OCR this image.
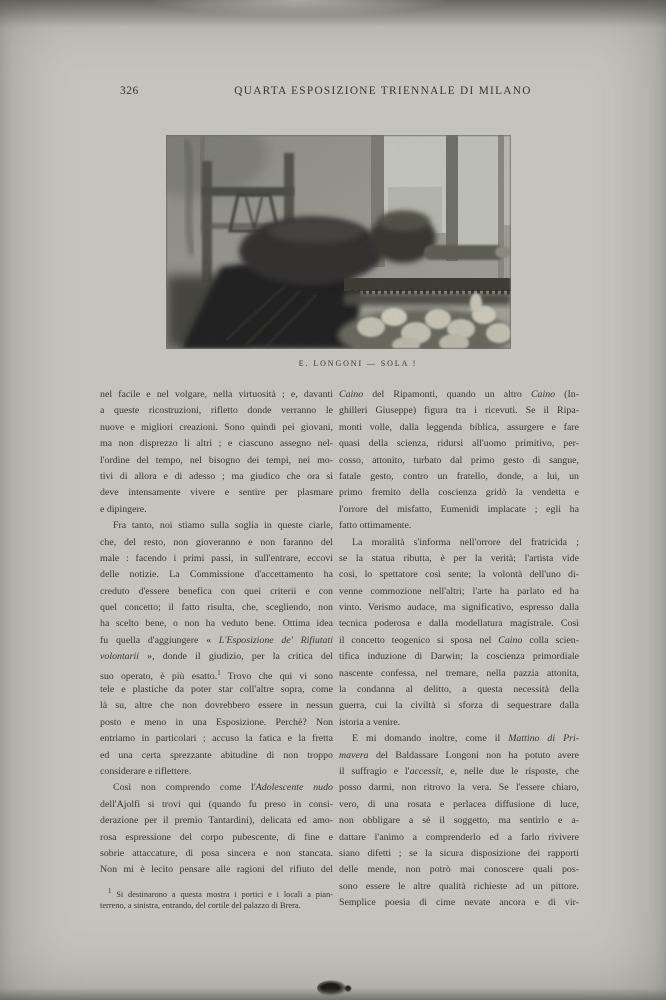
326	QUARTA ESPOSIZIONE TRIENNALE DI MILANO
E. LONGONI — SOLA !
nel facile e nel volgare, nella virtuosità ; e, davanti
a queste ricostruzioni, rifletto donde verranno le
nuove e migliori creazioni. Sono quindi pei giovani,
ma non disprezzo li altri ; e ciascuno assegno nel-
l'ordine del tempo, nel bisogno dei tempi, nei mo-
tivi di allora e di adesso ; ma giudico che ora si
deve intensamente vivere e sentire per plasmare
e dipingere.
Fra tanto, noi stiamo sulla soglia in queste ciarle,
che, del resto, non gioveranno e non faranno del
male : facendo i primi passi, in sull'entrare, eccovi
delle notizie. La Commissione d'accettamento ha
creduto d'essere benefica con quei criterii e con
quel concetto; il fatto risulta, che, scegliendo, non
ha scelto bene, o non ha veduto bene. Ottima idea
fu quella d'aggiungere « L'Esposizione de' Rifiutati
volontarii », donde il giudizio, per la critica del
suo operato, è più esatto.$^1$ Trovo che qui vi sono
tele e plastiche da poter star coll'altre sopra, come
là su, altre che non dovrebbero essere in nessun
posto e meno in una Esposizione. Perchè? Non
entriamo in particolari ; accuso la fatica e la fretta
ed una certa sprezzante abitudine di non troppo
considerare e riflettere.
Così non comprendo come l'Adolescente nudo
dell'Ajolfi si trovi qui (quando fu preso in consi-
derazione per il premio Tantardini), delicata ed amo-
rosa espressione del corpo pubescente, di fine e
sobrie attaccature, di posa sincera e non stancata.
Non mi è lecito pensare alle ragioni del rifiuto del
Caino del Ripamonti, quando un altro Caino (In-
ghilleri Giuseppe) figura tra i ricevuti. Se il Ripa-
monti volle, dalla leggenda biblica, assurgere e fare
quasi della scienza, ridursi all'uomo primitivo, per-
cosso, attonito, turbato dal primo gesto di sangue,
fatale gesto, contro un fratello, donde, a lui, un
primo fremito della coscienza gridò la vendetta e
l'orrore del misfatto, Eumenidi implacate ; egli ha
fatto ottimamente.
La moralità s'informa nell'orrore del fratricida ;
se la statua ributta, è per la verità; l'artista vide
così, lo spettatore così sente; la volontà dell'uno di-
venne commozione nell'altri; l'arte ha parlato ed ha
vinto. Verismo audace, ma significativo, espresso dalla
tecnica poderosa e dalla modellatura magistrale. Così
il concetto teogenico si sposa nel Caino colla scien-
tifica induzione di Darwin; la coscienza primordiale
nascente confessa, nel tremare, nella pazzia attonita,
la condanna al delitto, a questa necessità della
guerra, cui la civiltà si sforza di sequestrare dalla
istoria a venire.
E mi domando inoltre, come il Mattino di Pri-
mavera del Baldassare Longoni non ha potuto avere
il suffragio e l'accessit, e, nelle due le risposte, che
posso darmi, non ritrovo la vera. Se l'essere chiaro,
vero, di una rosata e perlacea diffusione di luce,
non obbligare a sè il soggetto, ma sentirlo e a-
dattare l'animo a comprenderlo ed a farlo rivivere
siano difetti ; se la sicura disposizione dei rapporti
delle mende, non potrò mai conoscere quali pos-
sono essere le altre qualità richieste ad un pittore.
Semplice poesia di cime nevate ancora e di vir-
$^1$ Si destinarono a questa mostra i portici e i locali a pian-
terreno, a sinistra, entrando, del cortile del palazzo di Brera.
